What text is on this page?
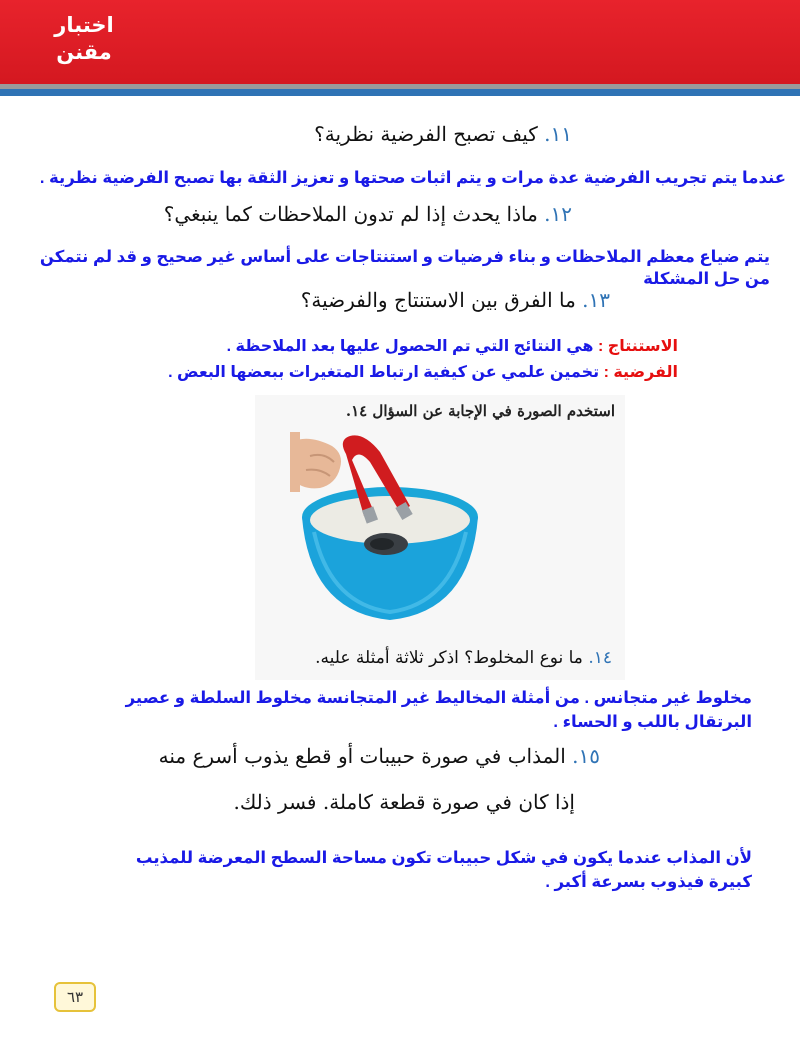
اختبار
مقنن
١١. كيف تصبح الفرضية نظرية؟
عندما يتم تجريب الفرضية عدة مرات و يتم اثبات صحتها و تعزيز الثقة بها تصبح الفرضية نظرية .
١٢. ماذا يحدث إذا لم تدون الملاحظات كما ينبغي؟
يتم ضياع معظم الملاحظات و بناء فرضيات و استنتاجات على أساس غير صحيح و قد لم نتمكن من حل المشكلة
١٣. ما الفرق بين الاستنتاج والفرضية؟
الاستنتاج : هي النتائج التي تم الحصول عليها بعد الملاحظة .
الفرضية : تخمين علمي عن كيفية ارتباط المتغيرات ببعضها البعض .
استخدم الصورة في الإجابة عن السؤال ١٤.
١٤. ما نوع المخلوط؟ اذكر ثلاثة أمثلة عليه.
مخلوط غير متجانس . من أمثلة المخاليط غير المتجانسة مخلوط السلطة و عصير البرتقال باللب و الحساء .
١٥. المذاب في صورة حبيبات أو قطع يذوب أسرع منه
إذا كان في صورة قطعة كاملة. فسر ذلك.
لأن المذاب عندما يكون في شكل حبيبات تكون مساحة السطح المعرضة للمذيب كبيرة فيذوب بسرعة أكبر .
٦٣
